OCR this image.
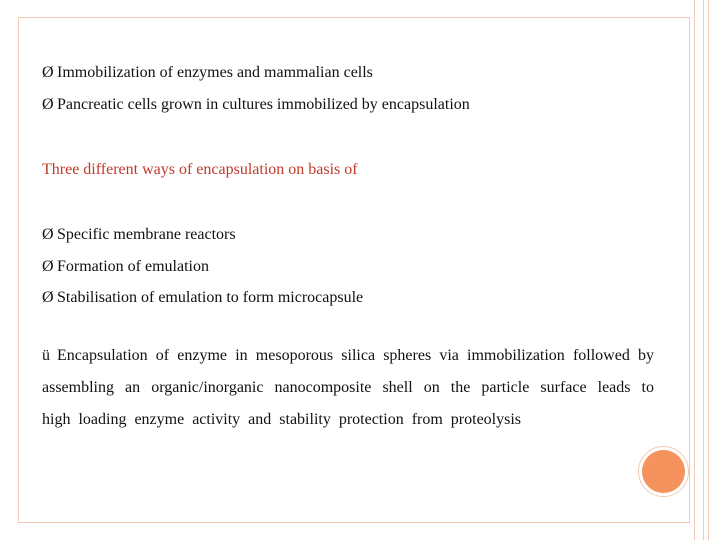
Ø Immobilization of enzymes and mammalian cells
Ø Pancreatic cells grown in cultures immobilized by encapsulation
Three different ways of encapsulation on basis of
Ø Specific membrane reactors
Ø Formation of emulation
Ø Stabilisation of emulation to form microcapsule
ü Encapsulation of enzyme in mesoporous silica spheres via immobilization followed by assembling an organic/inorganic nanocomposite shell on the particle surface leads to high loading enzyme activity and stability protection from proteolysis
